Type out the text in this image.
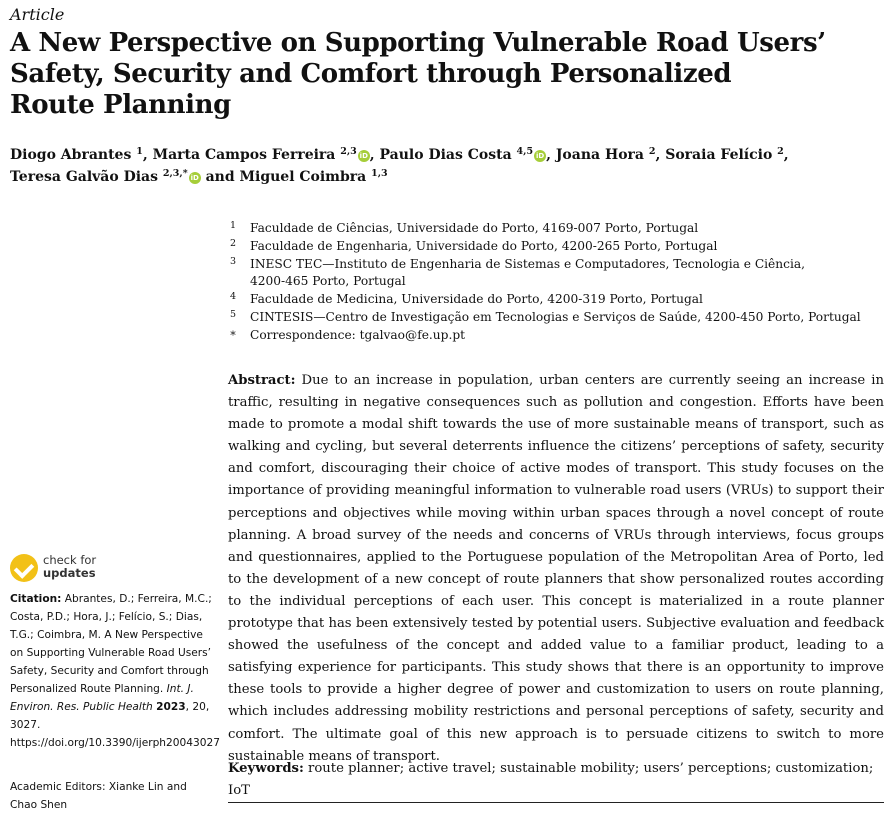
Article
A New Perspective on Supporting Vulnerable Road Users’
Safety, Security and Comfort through Personalized
Route Planning
Diogo Abrantes $^1$, Marta Campos Ferreira $^{2,3}$ iD , Paulo Dias Costa $^{4,5}$ iD , Joana Hora $^2$, Soraia Felício $^2$,
Teresa Galvão Dias $^{2,3,*}$ iD and Miguel Coimbra $^{1,3}$
1	Faculdade de Ciências, Universidade do Porto, 4169-007 Porto, Portugal
2	Faculdade de Engenharia, Universidade do Porto, 4200-265 Porto, Portugal
3	INESC TEC—Instituto de Engenharia de Sistemas e Computadores, Tecnologia e Ciência,
4200-465 Porto, Portugal
4	Faculdade de Medicina, Universidade do Porto, 4200-319 Porto, Portugal
5	CINTESIS—Centro de Investigação em Tecnologias e Serviços de Saúde, 4200-450 Porto, Portugal
*	Correspondence: tgalvao@fe.up.pt

Abstract: Due to an increase in population, urban centers are currently seeing an increase in traffic, resulting in negative consequences such as pollution and congestion. Efforts have been made to promote a modal shift towards the use of more sustainable means of transport, such as walking and cycling, but several deterrents influence the citizens’ perceptions of safety, security and comfort, discouraging their choice of active modes of transport. This study focuses on the importance of providing meaningful information to vulnerable road users (VRUs) to support their perceptions and objectives while moving within urban spaces through a novel concept of route planning. A broad survey of the needs and concerns of VRUs through interviews, focus groups and questionnaires, applied to the Portuguese population of the Metropolitan Area of Porto, led to the development of a new concept of route planners that show personalized routes according to the individual perceptions of each user. This concept is materialized in a route planner prototype that has been extensively tested by potential users. Subjective evaluation and feedback showed the usefulness of the concept and added value to a familiar product, leading to a satisfying experience for participants. This study shows that there is an opportunity to improve these tools to provide a higher degree of power and customization to users on route planning, which includes addressing mobility restrictions and personal perceptions of safety, security and comfort. The ultimate goal of this new approach is to persuade citizens to switch to more sustainable means of transport.

Keywords: route planner; active travel; sustainable mobility; users’ perceptions; customization; IoT
check for
updates
Citation: Abrantes, D.; Ferreira, M.C.; Costa, P.D.; Hora, J.; Felício, S.; Dias, T.G.; Coimbra, M. A New Perspective on Supporting Vulnerable Road Users’ Safety, Security and Comfort through Personalized Route Planning. Int. J. Environ. Res. Public Health 2023, 20, 3027. https://doi.org/10.3390/ijerph20043027
Academic Editors: Xianke Lin and Chao Shen
